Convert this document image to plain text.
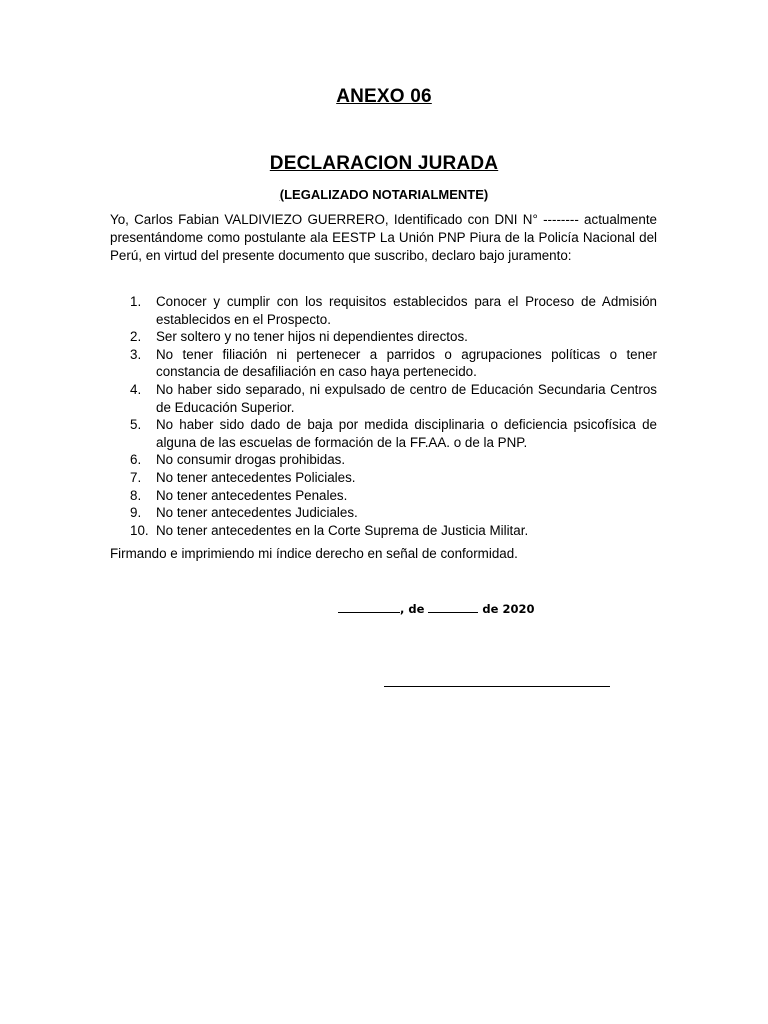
ANEXO 06
DECLARACION JURADA
(LEGALIZADO NOTARIALMENTE)
Yo, Carlos Fabian VALDIVIEZO GUERRERO, Identificado con DNI N° -------- actualmente presentándome como postulante ala EESTP La Unión PNP Piura de la Policía Nacional del Perú, en virtud del presente documento que suscribo, declaro bajo juramento:
1.	Conocer y cumplir con los requisitos establecidos para el Proceso de Admisión establecidos en el Prospecto.
2.	Ser soltero y no tener hijos ni dependientes directos.
3.	No tener filiación ni pertenecer a parridos o agrupaciones políticas o tener constancia de desafiliación en caso haya pertenecido.
4.	No haber sido separado, ni expulsado de centro de Educación Secundaria Centros de Educación Superior.
5.	No haber sido dado de baja por medida disciplinaria o deficiencia psicofísica de alguna de las escuelas de formación de la FF.AA. o de la PNP.
6.	No consumir drogas prohibidas.
7.	No tener antecedentes Policiales.
8.	No tener antecedentes Penales.
9.	No tener antecedentes Judiciales.
10. No tener antecedentes en la Corte Suprema de Justicia Militar.
Firmando e imprimiendo mi índice derecho en señal de conformidad.
, de	de 2020
